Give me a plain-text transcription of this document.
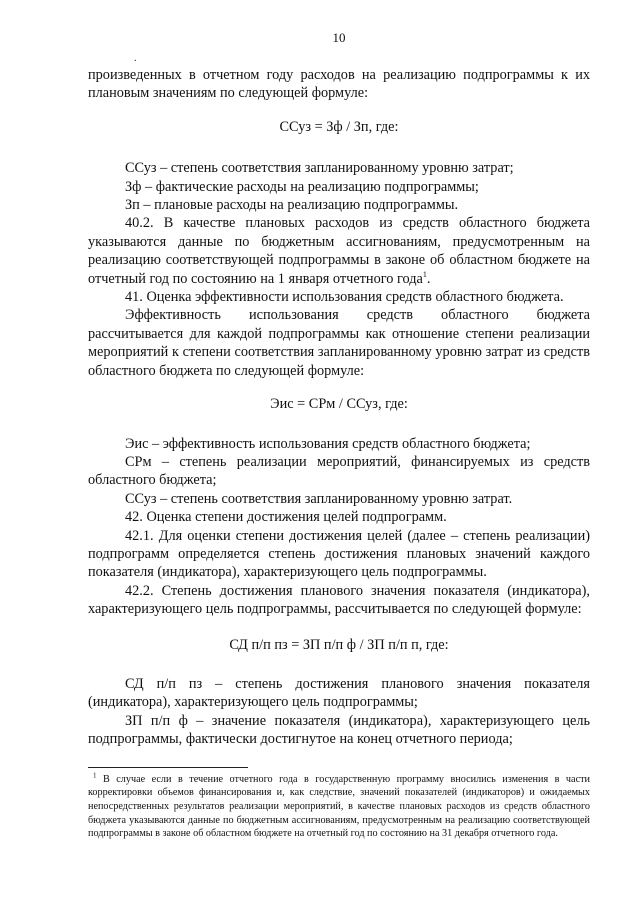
.
10

произведенных в отчетном году расходов на реализацию подпрограммы к их плановым значениям по следующей формуле:

ССуз = Зф / Зп, где:

ССуз – степень соответствия запланированному уровню затрат;

Зф – фактические расходы на реализацию подпрограммы;

Зп – плановые расходы на реализацию подпрограммы.

40.2. В качестве плановых расходов из средств областного бюджета указываются данные по бюджетным ассигнованиям, предусмотренным на реализацию соответствующей подпрограммы в законе об областном бюджете на отчетный год по состоянию на 1 января отчетного года$^1$.

41. Оценка эффективности использования средств областного бюджета.

Эффективность использования средств областного бюджета рассчитывается для каждой подпрограммы как отношение степени реализации мероприятий к степени соответствия запланированному уровню затрат из средств областного бюджета по следующей формуле:

Эис = СРм / ССуз, где:

Эис – эффективность использования средств областного бюджета;

СРм – степень реализации мероприятий, финансируемых из средств областного бюджета;

ССуз – степень соответствия запланированному уровню затрат.

42. Оценка степени достижения целей подпрограмм.

42.1. Для оценки степени достижения целей (далее – степень реализации) подпрограмм определяется степень достижения плановых значений каждого показателя (индикатора), характеризующего цель подпрограммы.

42.2. Степень достижения планового значения показателя (индикатора), характеризующего цель подпрограммы, рассчитывается по следующей формуле:

СД п/п пз = ЗП п/п ф / ЗП п/п п, где:

СД п/п пз – степень достижения планового значения показателя (индикатора), характеризующего цель подпрограммы;

ЗП п/п ф – значение показателя (индикатора), характеризующего цель подпрограммы, фактически достигнутое на конец отчетного периода;

$^1$ В случае если в течение отчетного года в государственную программу вносились изменения в части корректировки объемов финансирования и, как следствие, значений показателей (индикаторов) и ожидаемых непосредственных результатов реализации мероприятий, в качестве плановых расходов из средств областного бюджета указываются данные по бюджетным ассигнованиям, предусмотренным на реализацию соответствующей подпрограммы в законе об областном бюджете на отчетный год по состоянию на 31 декабря отчетного года.
